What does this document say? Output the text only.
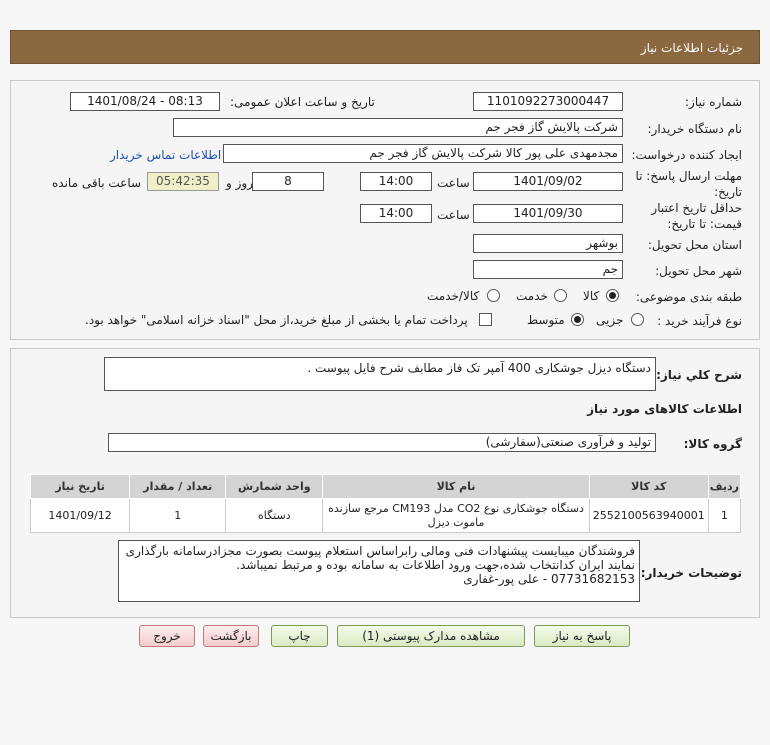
جزئیات اطلاعات نیاز
شماره نیاز:
1101092273000447
تاریخ و ساعت اعلان عمومی:
1401/08/24 - 08:13
نام دستگاه خریدار:
شرکت پالایش گاز فجر جم
ایجاد کننده درخواست:
مجدمهدی علی پور کالا شرکت پالایش گاز فجر جم
اطلاعات تماس خریدار
مهلت ارسال پاسخ: تا تاریخ:
1401/09/02
ساعت
14:00
8
روز و
05:42:35
ساعت باقی مانده
حداقل تاریخ اعتبار قیمت: تا تاریخ:
1401/09/30
ساعت
14:00
استان محل تحویل:
بوشهر
شهر محل تحویل:
جم
طبقه بندی موضوعی:
کالا
خدمت
کالا/خدمت
نوع فرآیند خرید :
جزیی
متوسط
پرداخت تمام یا بخشی از مبلغ خرید،از محل "اسناد خزانه اسلامی" خواهد بود.
شرح کلي نياز:
دستگاه دیزل جوشکاری 400 آمپر تک فاز مطابف شرح فایل پیوست .
اطلاعات کالاهای مورد نياز
گروه کالا:
تولید و فرآوری صنعتی(سفارشی)
ردیف	کد کالا	نام کالا	واحد شمارش	تعداد / مقدار	تاریخ نیاز
1	2552100563940001	دستگاه جوشکاری نوع CO2 مدل CM193 مرجع سازنده ماموت دیزل	دستگاه	1	1401/09/12
توضیحات خریدار:
فروشندگان میبایست پیشنهادات فنی ومالی رابراساس استعلام پیوست بصورت مجزادرسامانه بارگذاری
نمایند ایران کدانتخاب شده،جهت ورود اطلاعات به سامانه بوده و مرتبط نمیباشد.
07731682153 - علی پور-غفاری
پاسخ به نیاز
مشاهده مدارک پیوستی (1)
چاپ
بازگشت
خروج
